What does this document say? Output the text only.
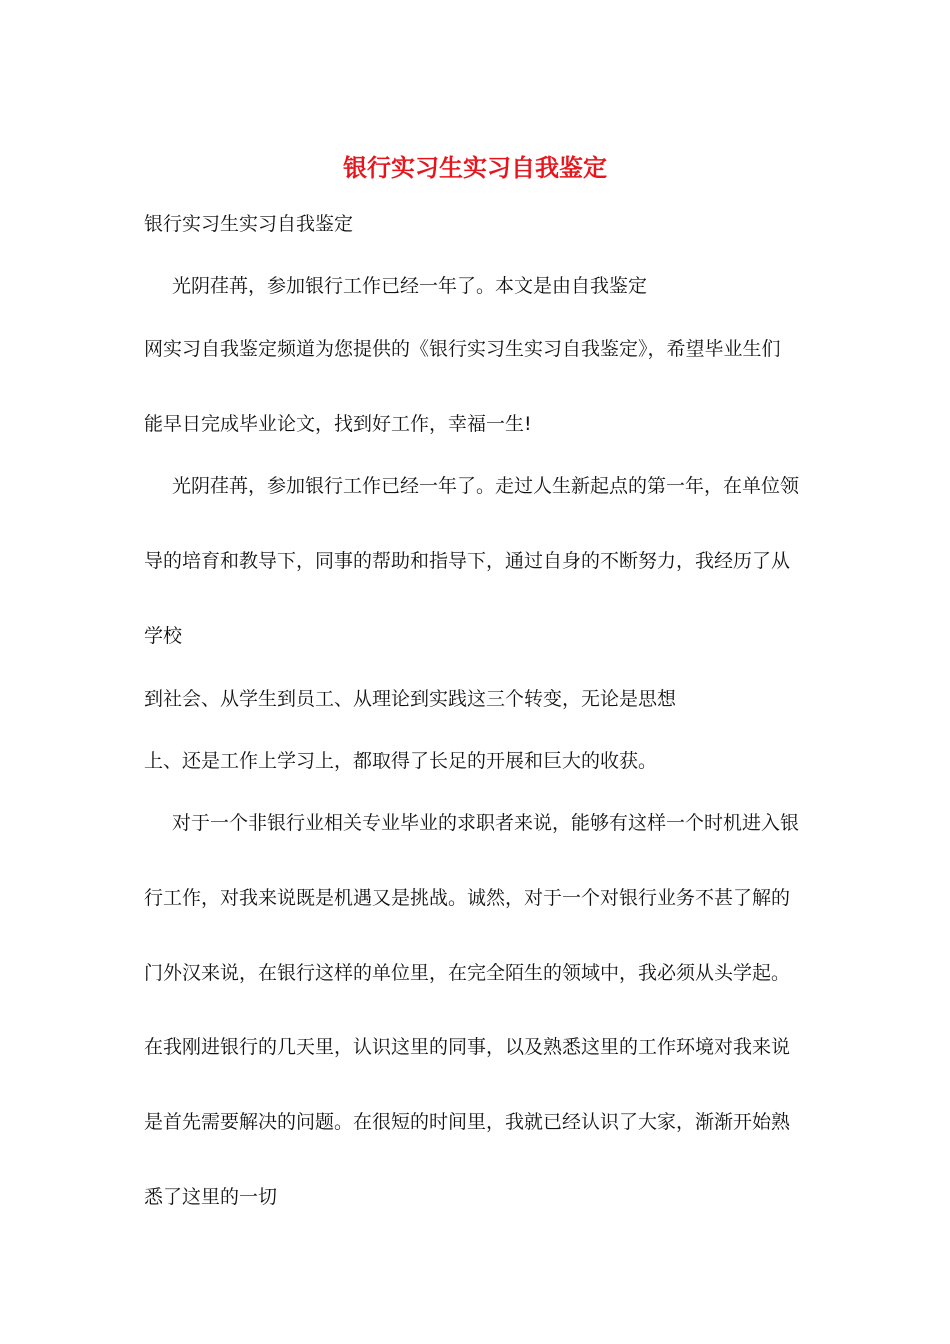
银行实习生实习自我鉴定
银行实习生实习自我鉴定
光阴荏苒，参加银行工作已经一年了。本文是由自我鉴定
网实习自我鉴定频道为您提供的《银行实习生实习自我鉴定》，希望毕业生们
能早日完成毕业论文，找到好工作，幸福一生!
光阴荏苒，参加银行工作已经一年了。走过人生新起点的第一年，在单位领
导的培育和教导下，同事的帮助和指导下，通过自身的不断努力，我经历了从
学校
到社会、从学生到员工、从理论到实践这三个转变，无论是思想
上、还是工作上学习上，都取得了长足的开展和巨大的收获。
对于一个非银行业相关专业毕业的求职者来说，能够有这样一个时机进入银
行工作，对我来说既是机遇又是挑战。诚然，对于一个对银行业务不甚了解的
门外汉来说，在银行这样的单位里，在完全陌生的领域中，我必须从头学起。
在我刚进银行的几天里，认识这里的同事，以及熟悉这里的工作环境对我来说
是首先需要解决的问题。在很短的时间里，我就已经认识了大家，渐渐开始熟
悉了这里的一切
